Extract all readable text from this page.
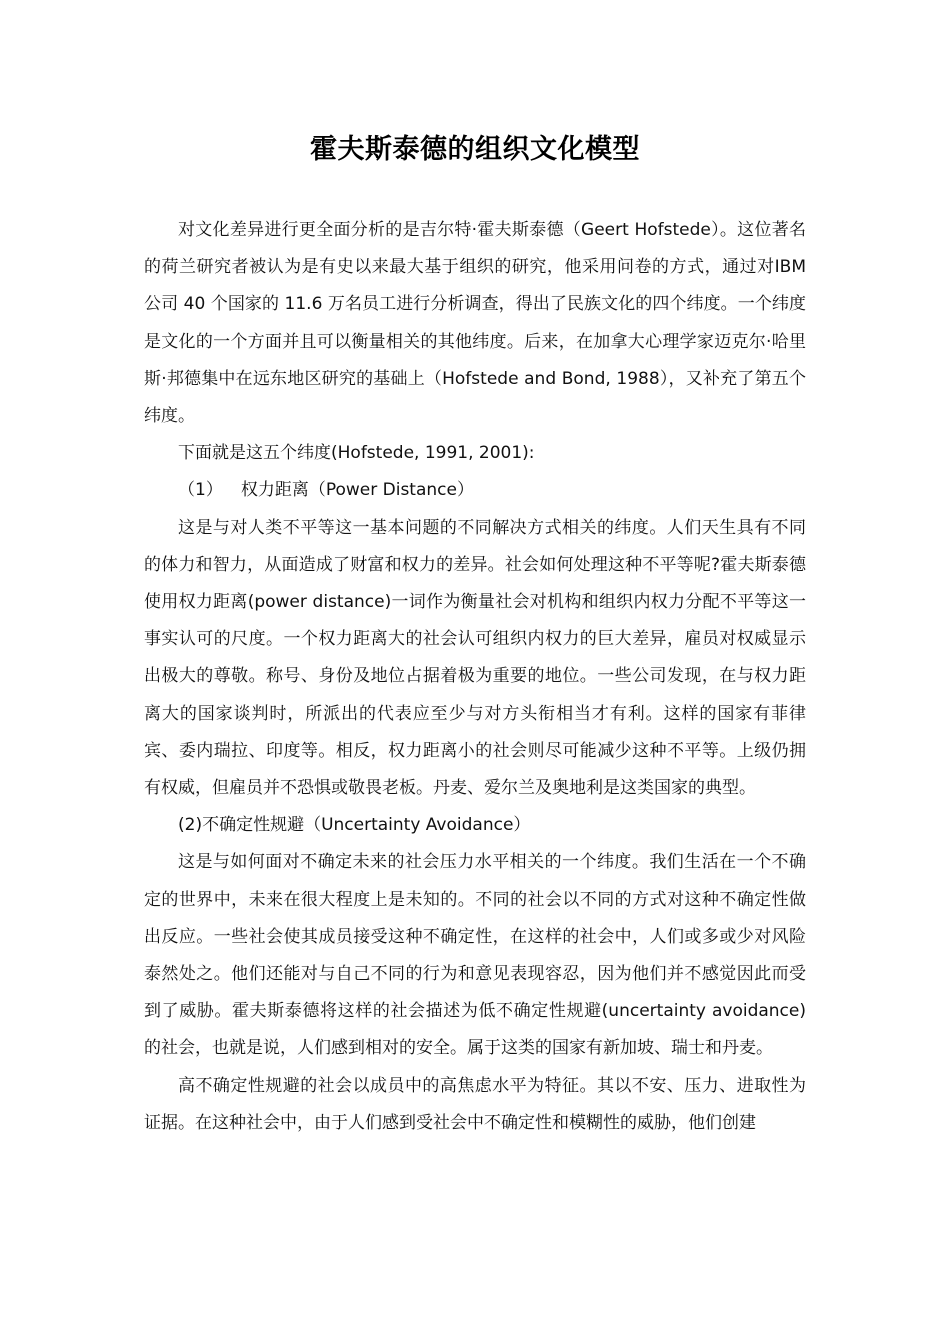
霍夫斯泰德的组织文化模型

对文化差异进行更全面分析的是吉尔特·霍夫斯泰德（Geert Hofstede）。这位著名的荷兰研究者被认为是有史以来最大基于组织的研究，他采用问卷的方式，通过对IBM 公司 40 个国家的 11.6 万名员工进行分析调查，得出了民族文化的四个纬度。一个纬度是文化的一个方面并且可以衡量相关的其他纬度。后来，在加拿大心理学家迈克尔·哈里斯·邦德集中在远东地区研究的基础上（Hofstede and Bond, 1988），又补充了第五个纬度。

下面就是这五个纬度(Hofstede, 1991, 2001):

（1） 权力距离（Power Distance）

这是与对人类不平等这一基本问题的不同解决方式相关的纬度。人们天生具有不同的体力和智力，从面造成了财富和权力的差异。社会如何处理这种不平等呢?霍夫斯泰德使用权力距离(power distance)一词作为衡量社会对机构和组织内权力分配不平等这一事实认可的尺度。一个权力距离大的社会认可组织内权力的巨大差异，雇员对权威显示出极大的尊敬。称号、身份及地位占据着极为重要的地位。一些公司发现，在与权力距离大的国家谈判时，所派出的代表应至少与对方头衔相当才有利。这样的国家有菲律宾、委内瑞拉、印度等。相反，权力距离小的社会则尽可能减少这种不平等。上级仍拥有权威，但雇员并不恐惧或敬畏老板。丹麦、爱尔兰及奥地利是这类国家的典型。

(2)不确定性规避（Uncertainty Avoidance）

这是与如何面对不确定未来的社会压力水平相关的一个纬度。我们生活在一个不确定的世界中，未来在很大程度上是未知的。不同的社会以不同的方式对这种不确定性做出反应。一些社会使其成员接受这种不确定性，在这样的社会中，人们或多或少对风险泰然处之。他们还能对与自己不同的行为和意见表现容忍，因为他们并不感觉因此而受到了威胁。霍夫斯泰德将这样的社会描述为低不确定性规避(uncertainty avoidance)的社会，也就是说，人们感到相对的安全。属于这类的国家有新加坡、瑞士和丹麦。

高不确定性规避的社会以成员中的高焦虑水平为特征。其以不安、压力、进取性为证据。在这种社会中，由于人们感到受社会中不确定性和模糊性的威胁，他们创建
